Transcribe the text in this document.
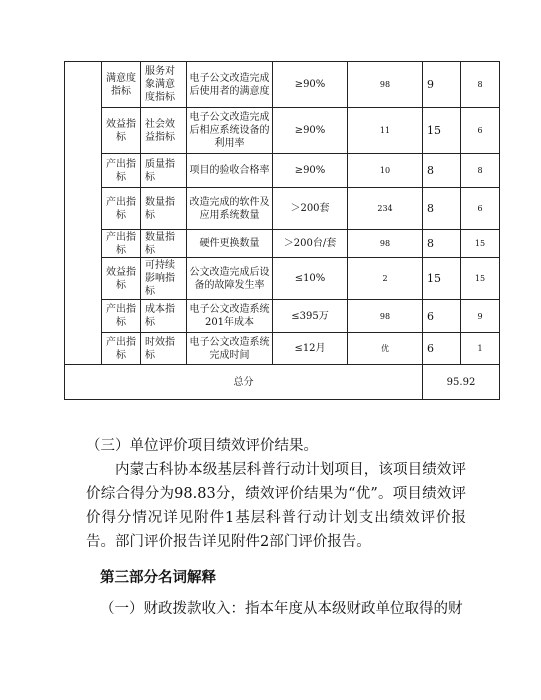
	满意度指标	服务对象满意度指标	电子公文改造完成后使用者的满意度	≥90%	98	9	8
	效益指标	社会效益指标	电子公文改造完成后相应系统设备的利用率	≥90%	11	15	6
	产出指标	质量指标	项目的验收合格率	≥90%	10	8	8
	产出指标	数量指标	改造完成的软件及应用系统数量	＞200套	234	8	6
	产出指标	数量指标	硬件更换数量	＞200台/套	98	8	15
	效益指标	可持续影响指标	公文改造完成后设备的故障发生率	≤10%	2	15	15
	产出指标	成本指标	电子公文改造系统201年成本	≤395万	98	6	9
	产出指标	时效指标	电子公文改造系统完成时间	≤12月	优	6	1
总分						95.92	

（三）单位评价项目绩效评价结果。

内蒙古科协本级基层科普行动计划项目，该项目绩效评价综合得分为98.83分，绩效评价结果为“优”。项目绩效评价得分情况详见附件1基层科普行动计划支出绩效评价报告。部门评价报告详见附件2部门评价报告。

第三部分名词解释

（一）财政拨款收入：指本年度从本级财政单位取得的财
